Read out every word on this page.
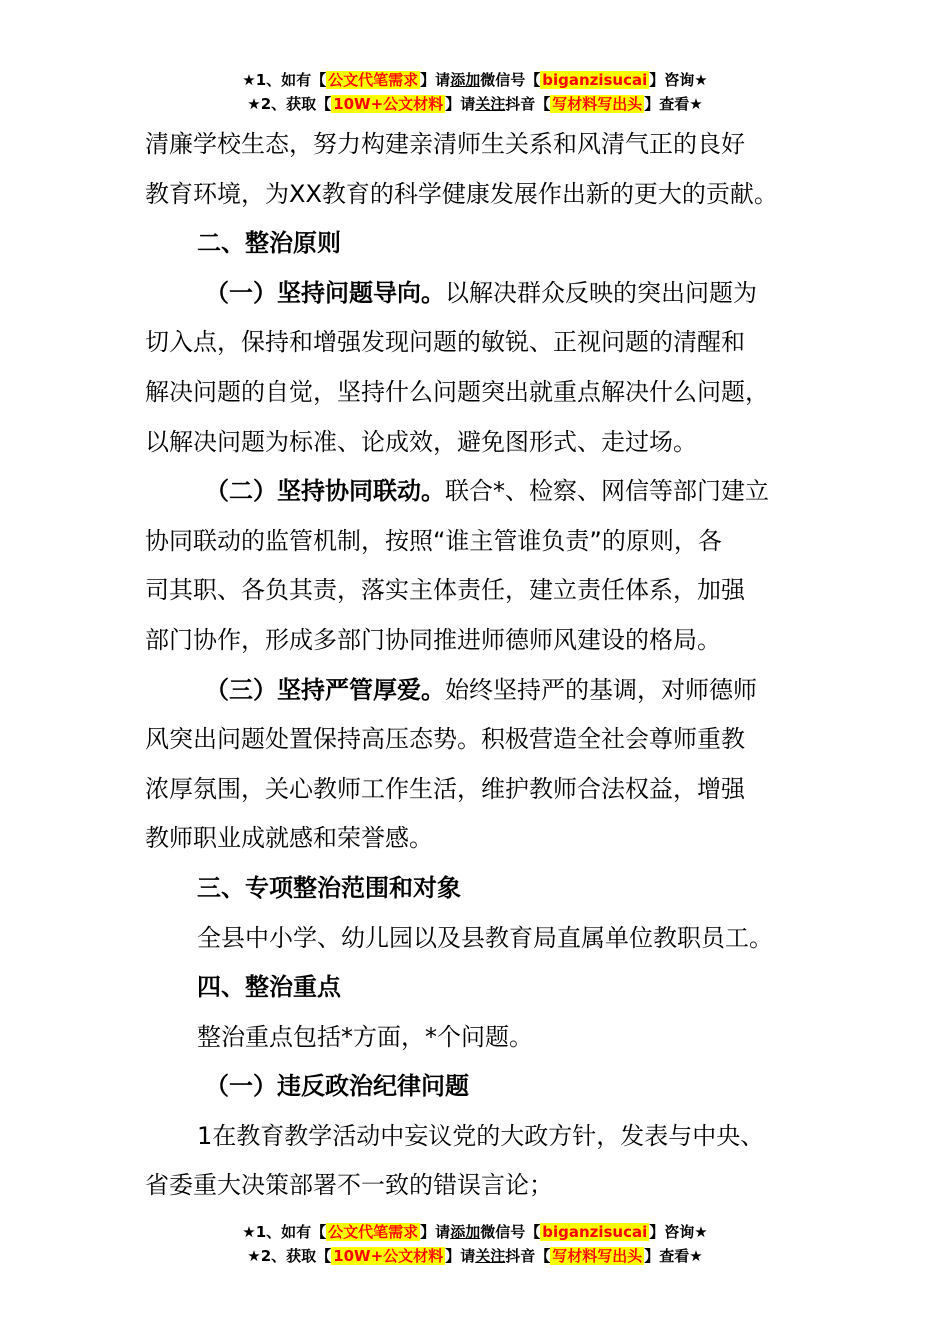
★1、如有【 公文代笔需求 】请添加微信号【 biganzisucai 】咨询★
★2、获取【 10W+公文材料 】请关注抖音【 写材料写出头 】查看★

清廉学校生态，努力构建亲清师生关系和风清气正的良好

教育环境，为XX教育的科学健康发展作出新的更大的贡献。

二、整治原则

（一）坚持问题导向。以解决群众反映的突出问题为

切入点，保持和增强发现问题的敏锐、正视问题的清醒和

解决问题的自觉，坚持什么问题突出就重点解决什么问题，

以解决问题为标准、论成效，避免图形式、走过场。

（二）坚持协同联动。联合*、检察、网信等部门建立

协同联动的监管机制，按照“谁主管谁负责”的原则，各

司其职、各负其责，落实主体责任，建立责任体系，加强

部门协作，形成多部门协同推进师德师风建设的格局。

（三）坚持严管厚爱。始终坚持严的基调，对师德师

风突出问题处置保持高压态势。积极营造全社会尊师重教

浓厚氛围，关心教师工作生活，维护教师合法权益，增强

教师职业成就感和荣誉感。

三、专项整治范围和对象

全县中小学、幼儿园以及县教育局直属单位教职员工。

四、整治重点

整治重点包括*方面，*个问题。

（一）违反政治纪律问题

1在教育教学活动中妄议党的大政方针，发表与中央、

省委重大决策部署不一致的错误言论；

★1、如有【 公文代笔需求 】请添加微信号【 biganzisucai 】咨询★
★2、获取【 10W+公文材料 】请关注抖音【 写材料写出头 】查看★
